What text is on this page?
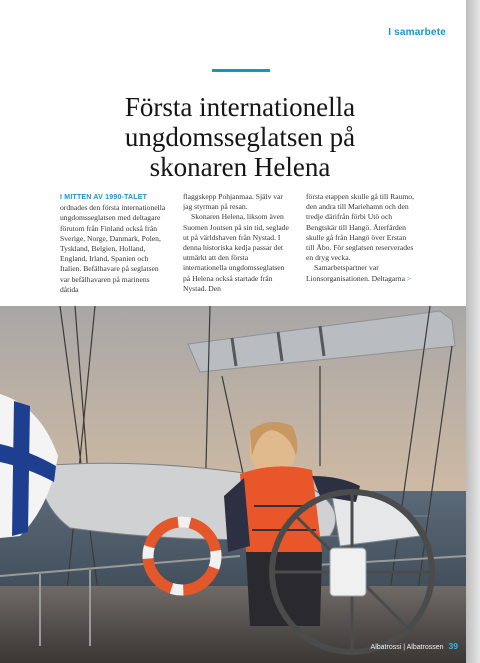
I samarbete
Första internationella
ungdomsseglatsen på
skonaren Helena

I MITTEN AV 1990-TALET ordnades den första internationella ungdomsseglatsen med deltagare förutom från Finland också från Sverige, Norge, Danmark, Polen, Tyskland, Belgien, Holland, England, Irland, Spanien och Italien. Befälhavare på seglatsen var befälhavaren på marinens dåtida

flaggskepp Pohjanmaa. Själv var jag styrman på resan.

Skonaren Helena, liksom även Suomen Joutsen på sin tid, seglade ut på världshaven från Nystad. I denna historiska kedja passar det utmärkt att den första internationella ungdomsseglatsen på Helena också startade från Nystad. Den

första etappen skulle gå till Raumo, den andra till Mariehamn och den tredje därifrån förbi Utö och Bengtskär till Hangö. Återfärden skulle gå från Hangö över Erstan till Åbo. För seglatsen reserverades en dryg vecka.

Samarbetspartner var Lionsorganisationen. Deltagarna >

Albatrossi | Albatrossen 39
